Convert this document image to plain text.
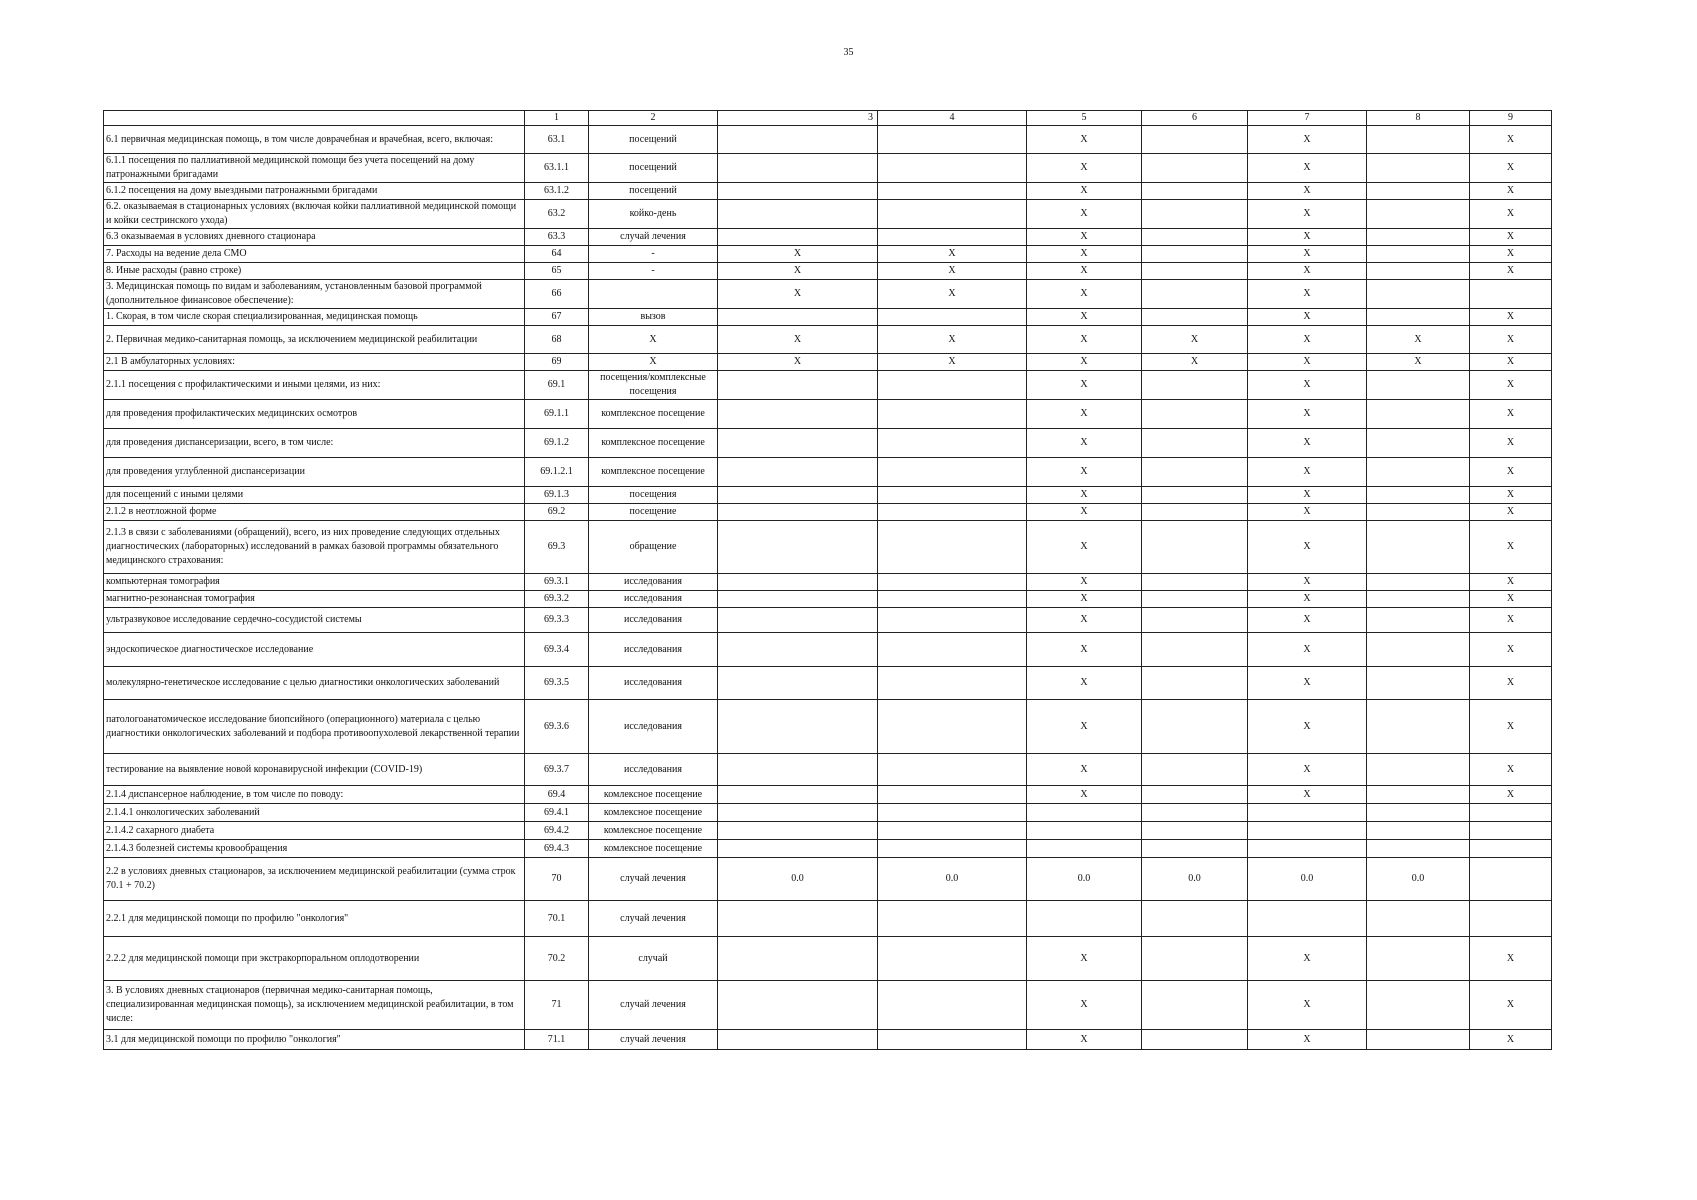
35
	1	2	3	4	5	6	7	8	9
6.1 первичная медицинская помощь, в том числе доврачебная и врачебная, всего, включая:	63.1	посещений			X		X		X
6.1.1 посещения по паллиативной медицинской помощи без учета посещений на дому патронажными бригадами	63.1.1	посещений			X		X		X
6.1.2 посещения на дому выездными патронажными бригадами	63.1.2	посещений			X		X		X
6.2. оказываемая в стационарных условиях (включая койки паллиативной медицинской помощи и койки сестринского ухода)	63.2	койко-день			X		X		X
6.3 оказываемая в условиях дневного стационара	63.3	случай лечения			X		X		X
7. Расходы на ведение дела СМО	64	-	X	X	X		X		X
8. Иные расходы (равно строке)	65	-	X	X	X		X		X
3. Медицинская помощь по видам и заболеваниям, установленным базовой программой (дополнительное финансовое обеспечение):	66		X	X	X		X		
1. Скорая, в том числе скорая специализированная, медицинская помощь	67	вызов			X		X		X
2. Первичная медико-санитарная помощь, за исключением медицинской реабилитации	68	X	X	X	X	X	X	X	X
2.1 В амбулаторных условиях:	69	X	X	X	X	X	X	X	X
2.1.1 посещения с профилактическими и иными целями, из них:	69.1	посещения/комплексные посещения			X		X		X
для проведения профилактических медицинских осмотров	69.1.1	комплексное посещение			X		X		X
для проведения диспансеризации, всего, в том числе:	69.1.2	комплексное посещение			X		X		X
для проведения углубленной диспансеризации	69.1.2.1	комплексное посещение			X		X		X
для посещений с иными целями	69.1.3	посещения			X		X		X
2.1.2 в неотложной форме	69.2	посещение			X		X		X
2.1.3 в связи с заболеваниями (обращений), всего, из них проведение следующих отдельных диагностических (лабораторных) исследований в рамках базовой программы обязательного медицинского страхования:	69.3	обращение			X		X		X
компьютерная томография	69.3.1	исследования			X		X		X
магнитно-резонансная томография	69.3.2	исследования			X		X		X
ультразвуковое исследование сердечно-сосудистой системы	69.3.3	исследования			X		X		X
эндоскопическое диагностическое исследование	69.3.4	исследования			X		X		X
молекулярно-генетическое исследование с целью диагностики онкологических заболеваний	69.3.5	исследования			X		X		X
патологоанатомическое исследование биопсийного (операционного) материала с целью диагностики онкологических заболеваний и подбора противоопухолевой лекарственной терапии	69.3.6	исследования			X		X		X
тестирование на выявление новой коронавирусной инфекции (COVID-19)	69.3.7	исследования			X		X		X
2.1.4 диспансерное наблюдение, в том числе по поводу:	69.4	комлексное посещение			X		X		X
2.1.4.1 онкологических заболеваний	69.4.1	комлексное посещение							
2.1.4.2 сахарного диабета	69.4.2	комлексное посещение							
2.1.4.3 болезней системы кровообращения	69.4.3	комлексное посещение							
2.2 в условиях дневных стационаров, за исключением медицинской реабилитации (сумма строк 70.1 + 70.2)	70	случай лечения	0.0	0.0	0.0	0.0	0.0	0.0	
2.2.1 для медицинской помощи по профилю "онкология"	70.1	случай лечения							
2.2.2 для медицинской помощи при экстракорпоральном оплодотворении	70.2	случай			X		X		X
3. В условиях дневных стационаров (первичная медико-санитарная помощь, специализированная медицинская помощь), за исключением медицинской реабилитации, в том числе:	71	случай лечения			X		X		X
3.1 для медицинской помощи по профилю "онкология"	71.1	случай лечения			X		X		X
